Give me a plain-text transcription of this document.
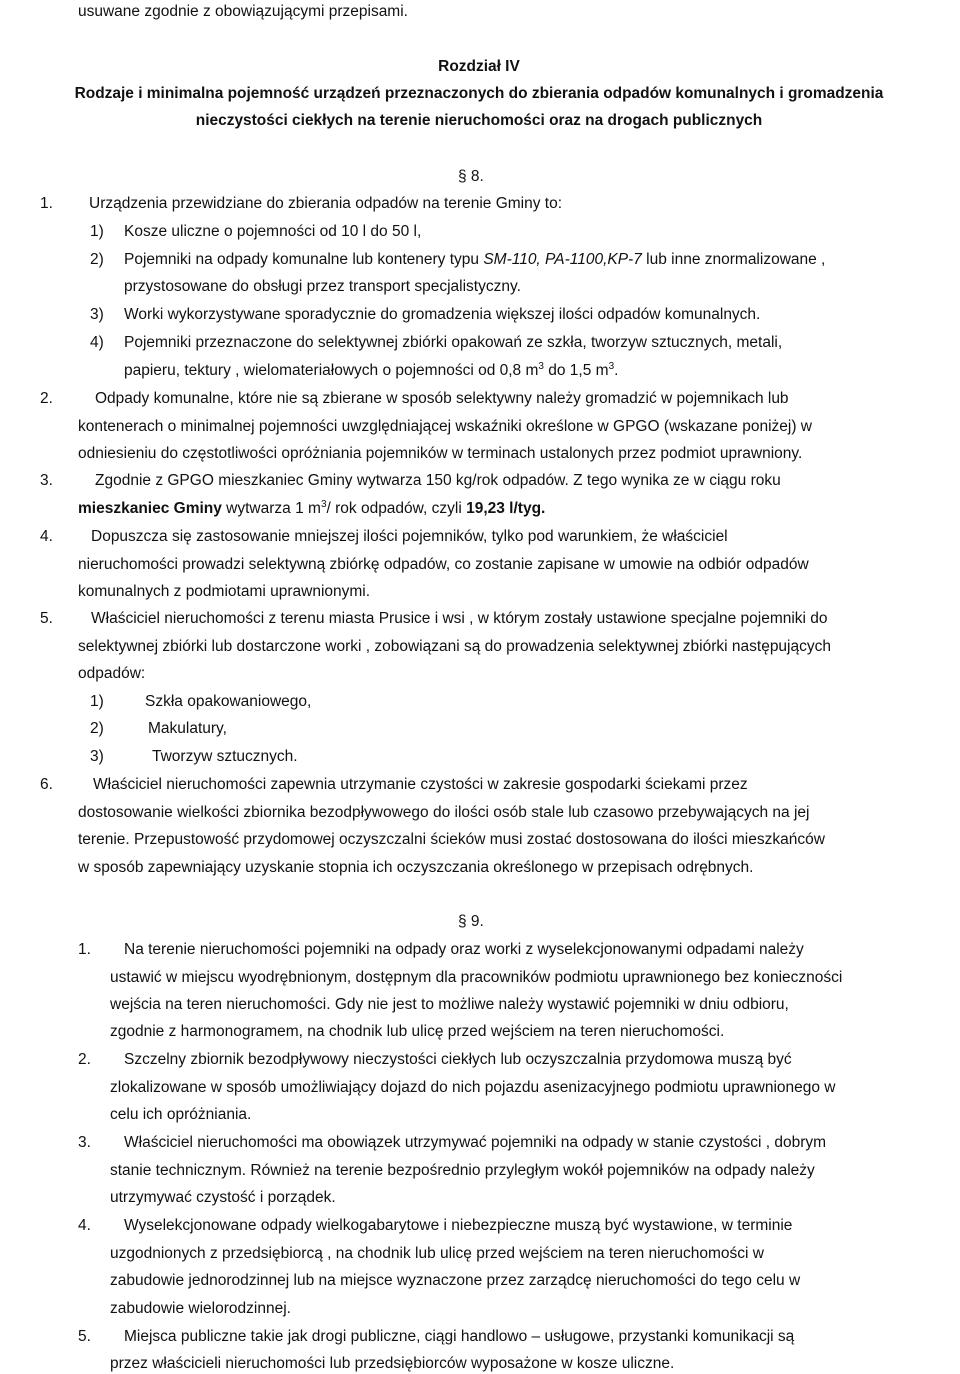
usuwane zgodnie z obowiązującymi przepisami.
Rozdział IV
Rodzaje i minimalna pojemność urządzeń przeznaczonych do zbierania odpadów komunalnych i gromadzenia
nieczystości ciekłych na terenie nieruchomości oraz na drogach publicznych
§ 8.
1. Urządzenia przewidziane do zbierania odpadów na terenie Gminy to:
1) Kosze uliczne o pojemności od 10 l do 50 l,
2) Pojemniki na odpady komunalne lub kontenery typu SM-110, PA-1100,KP-7 lub inne znormalizowane ,
przystosowane do obsługi przez transport specjalistyczny.
3) Worki wykorzystywane sporadycznie do gromadzenia większej ilości odpadów komunalnych.
4) Pojemniki przeznaczone do selektywnej zbiórki opakowań ze szkła, tworzyw sztucznych, metali,
papieru, tektury , wielomateriałowych o pojemności od 0,8 $m^3$ do 1,5 $m^3$.
2.	Odpady komunalne, które nie są zbierane w sposób selektywny należy gromadzić w pojemnikach lub
kontenerach o minimalnej pojemności uwzględniającej wskaźniki określone w GPGO (wskazane poniżej) w
odniesieniu do częstotliwości opróżniania pojemników w terminach ustalonych przez podmiot uprawniony.
3.	Zgodnie z GPGO mieszkaniec Gminy wytwarza 150 kg/rok odpadów. Z tego wynika ze w ciągu roku
mieszkaniec Gminy wytwarza 1 $m^3/$ rok odpadów, czyli 19,23 l/tyg.
4. Dopuszcza się zastosowanie mniejszej ilości pojemników, tylko pod warunkiem, że właściciel
nieruchomości prowadzi selektywną zbiórkę odpadów, co zostanie zapisane w umowie na odbiór odpadów
komunalnych z podmiotami uprawnionymi.
5. Właściciel nieruchomości z terenu miasta Prusice i wsi , w którym zostały ustawione specjalne pojemniki do
selektywnej zbiórki lub dostarczone worki , zobowiązani są do prowadzenia selektywnej zbiórki następujących
odpadów:
1)	Szkła opakowaniowego,
2)	Makulatury,
3)	Tworzyw sztucznych.
6.	Właściciel nieruchomości zapewnia utrzymanie czystości w zakresie gospodarki ściekami przez
dostosowanie wielkości zbiornika bezodpływowego do ilości osób stale lub czasowo przebywających na jej
terenie. Przepustowość przydomowej oczyszczalni ścieków musi zostać dostosowana do ilości mieszkańców
w sposób zapewniający uzyskanie stopnia ich oczyszczania określonego w przepisach odrębnych.
§ 9.
1. Na terenie nieruchomości pojemniki na odpady oraz worki z wyselekcjonowanymi odpadami należy
ustawić w miejscu wyodrębnionym, dostępnym dla pracowników podmiotu uprawnionego bez konieczności
wejścia na teren nieruchomości. Gdy nie jest to możliwe należy wystawić pojemniki w dniu odbioru,
zgodnie z harmonogramem, na chodnik lub ulicę przed wejściem na teren nieruchomości.
2. Szczelny zbiornik bezodpływowy nieczystości ciekłych lub oczyszczalnia przydomowa muszą być
zlokalizowane w sposób umożliwiający dojazd do nich pojazdu asenizacyjnego podmiotu uprawnionego w
celu ich opróżniania.
3. Właściciel nieruchomości ma obowiązek utrzymywać pojemniki na odpady w stanie czystości , dobrym
stanie technicznym. Również na terenie bezpośrednio przyległym wokół pojemników na odpady należy
utrzymywać czystość i porządek.
4. Wyselekcjonowane odpady wielkogabarytowe i niebezpieczne muszą być wystawione, w terminie
uzgodnionych z przedsiębiorcą , na chodnik lub ulicę przed wejściem na teren nieruchomości w
zabudowie jednorodzinnej lub na miejsce wyznaczone przez zarządcę nieruchomości do tego celu w
zabudowie wielorodzinnej.
5. Miejsca publiczne takie jak drogi publiczne, ciągi handlowo – usługowe, przystanki komunikacji są
przez właścicieli nieruchomości lub przedsiębiorców wyposażone w kosze uliczne.
